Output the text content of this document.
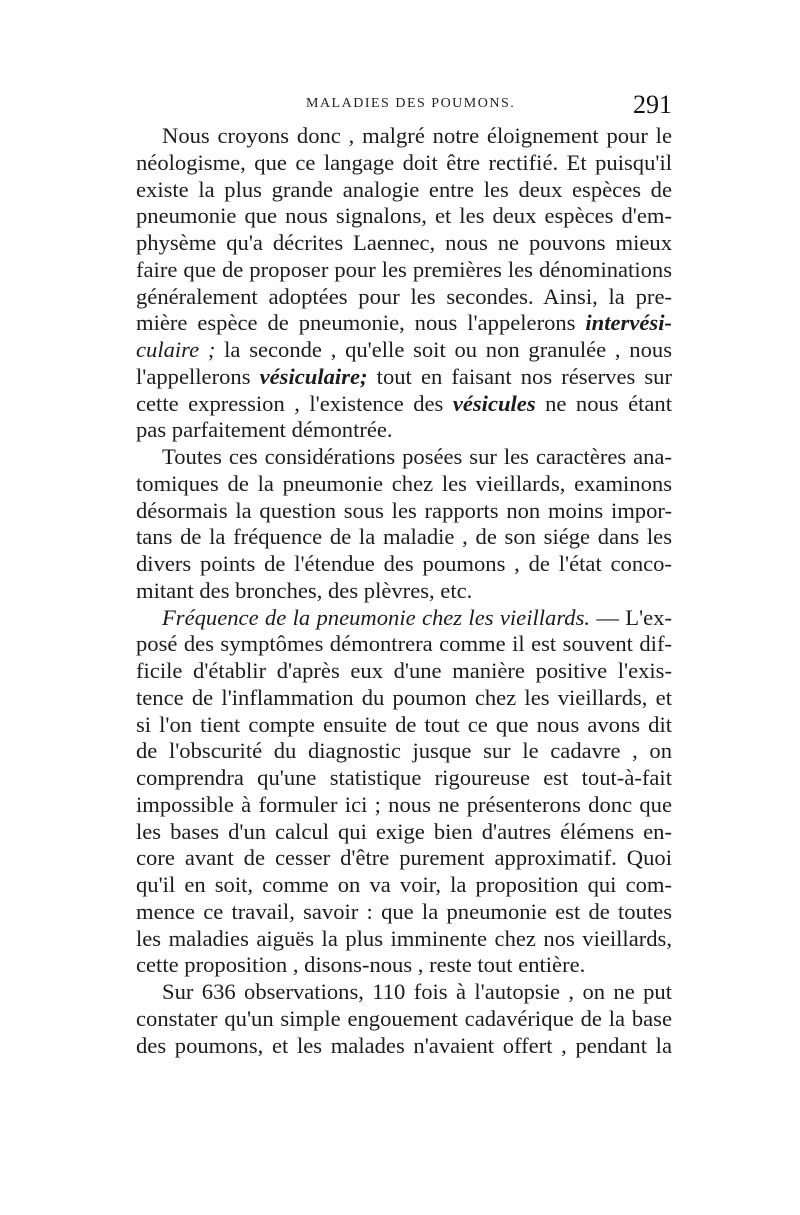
MALADIES DES POUMONS.	291
Nous croyons donc , malgré notre éloignement pour le
néologisme, que ce langage doit être rectifié. Et puisqu'il
existe la plus grande analogie entre les deux espèces de
pneumonie que nous signalons, et les deux espèces d'em-
physème qu'a décrites Laennec, nous ne pouvons mieux
faire que de proposer pour les premières les dénominations
généralement adoptées pour les secondes. Ainsi, la pre-
mière espèce de pneumonie, nous l'appelerons intervési-
culaire ; la seconde , qu'elle soit ou non granulée , nous
l'appellerons vésiculaire; tout en faisant nos réserves sur
cette expression , l'existence des vésicules ne nous étant
pas parfaitement démontrée.
Toutes ces considérations posées sur les caractères ana-
tomiques de la pneumonie chez les vieillards, examinons
désormais la question sous les rapports non moins impor-
tans de la fréquence de la maladie , de son siége dans les
divers points de l'étendue des poumons , de l'état conco-
mitant des bronches, des plèvres, etc.
Fréquence de la pneumonie chez les vieillards. — L'ex-
posé des symptômes démontrera comme il est souvent dif-
ficile d'établir d'après eux d'une manière positive l'exis-
tence de l'inflammation du poumon chez les vieillards, et
si l'on tient compte ensuite de tout ce que nous avons dit
de l'obscurité du diagnostic jusque sur le cadavre , on
comprendra qu'une statistique rigoureuse est tout-à-fait
impossible à formuler ici ; nous ne présenterons donc que
les bases d'un calcul qui exige bien d'autres élémens en-
core avant de cesser d'être purement approximatif. Quoi
qu'il en soit, comme on va voir, la proposition qui com-
mence ce travail, savoir : que la pneumonie est de toutes
les maladies aiguës la plus imminente chez nos vieillards,
cette proposition , disons-nous , reste tout entière.
Sur 636 observations, 110 fois à l'autopsie , on ne put
constater qu'un simple engouement cadavérique de la base
des poumons, et les malades n'avaient offert , pendant la
